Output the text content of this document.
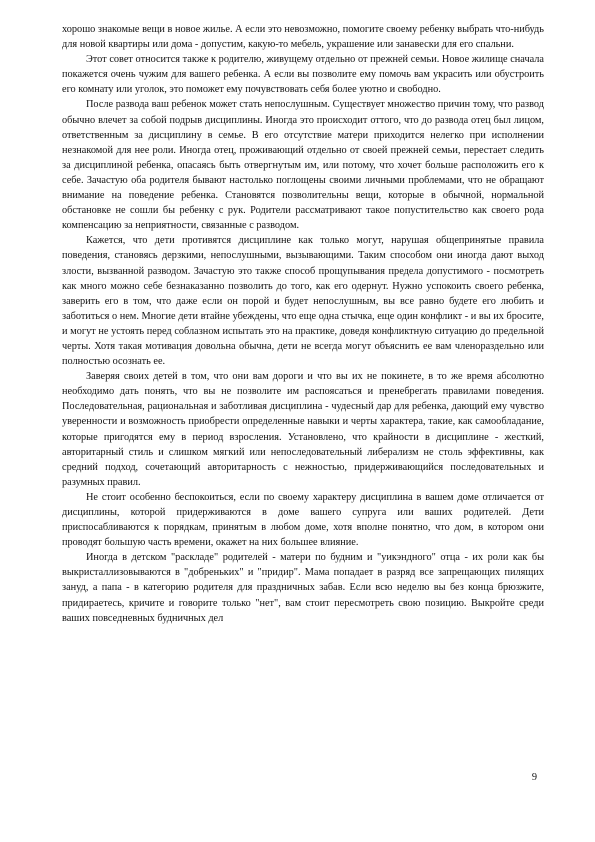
хорошо знакомые вещи в новое жилье. А если это невозможно, помогите своему ребенку выбрать что-нибудь для новой квартиры или дома - допустим, какую-то мебель, украшение или занавески для его спальни.

Этот совет относится также к родителю, живущему отдельно от прежней семьи. Новое жилище сначала покажется очень чужим для вашего ребенка. А если вы позволите ему помочь вам украсить или обустроить его комнату или уголок, это поможет ему почувствовать себя более уютно и свободно.

После развода ваш ребенок может стать непослушным. Существует множество причин тому, что развод обычно влечет за собой подрыв дисциплины. Иногда это происходит оттого, что до развода отец был лицом, ответственным за дисциплину в семье. В его отсутствие матери приходится нелегко при исполнении незнакомой для нее роли. Иногда отец, проживающий отдельно от своей прежней семьи, перестает следить за дисциплиной ребенка, опасаясь быть отвергнутым им, или потому, что хочет больше расположить его к себе. Зачастую оба родителя бывают настолько поглощены своими личными проблемами, что не обращают внимание на поведение ребенка. Становятся позволительны вещи, которые в обычной, нормальной обстановке не сошли бы ребенку с рук. Родители рассматривают такое попустительство как своего рода компенсацию за неприятности, связанные с разводом.

Кажется, что дети противятся дисциплине как только могут, нарушая общепринятые правила поведения, становясь дерзкими, непослушными, вызывающими. Таким способом они иногда дают выход злости, вызванной разводом. Зачастую это также способ прощупывания предела допустимого - посмотреть как много можно себе безнаказанно позволить до того, как его одернут. Нужно успокоить своего ребенка, заверить его в том, что даже если он порой и будет непослушным, вы все равно будете его любить и заботиться о нем. Многие дети втайне убеждены, что еще одна стычка, еще один конфликт - и вы их бросите, и могут не устоять перед соблазном испытать это на практике, доведя конфликтную ситуацию до предельной черты. Хотя такая мотивация довольна обычна, дети не всегда могут объяснить ее вам членораздельно или полностью осознать ее.

Заверяя своих детей в том, что они вам дороги и что вы их не покинете, в то же время абсолютно необходимо дать понять, что вы не позволите им распоясаться и пренебрегать правилами поведения. Последовательная, рациональная и заботливая дисциплина - чудесный дар для ребенка, дающий ему чувство уверенности и возможность приобрести определенные навыки и черты характера, такие, как самообладание, которые пригодятся ему в период взросления. Установлено, что крайности в дисциплине - жесткий, авторитарный стиль и слишком мягкий или непоследовательный либерализм не столь эффективны, как средний подход, сочетающий авторитарность с нежностью, придерживающийся последовательных и разумных правил.

Не стоит особенно беспокоиться, если по своему характеру дисциплина в вашем доме отличается от дисциплины, которой придерживаются в доме вашего супруга или ваших родителей. Дети приспосабливаются к порядкам, принятым в любом доме, хотя вполне понятно, что дом, в котором они проводят большую часть времени, окажет на них большее влияние.

Иногда в детском "раскладе" родителей - матери по будним и "уикэндного" отца - их роли как бы выкристаллизовываются в "добреньких" и "придир". Мама попадает в разряд все запрещающих пилящих зануд, а папа - в категорию родителя для праздничных забав. Если всю неделю вы без конца брюзжите, придираетесь, кричите и говорите только "нет", вам стоит пересмотреть свою позицию. Выкройте среди ваших повседневных будничных дел

9
